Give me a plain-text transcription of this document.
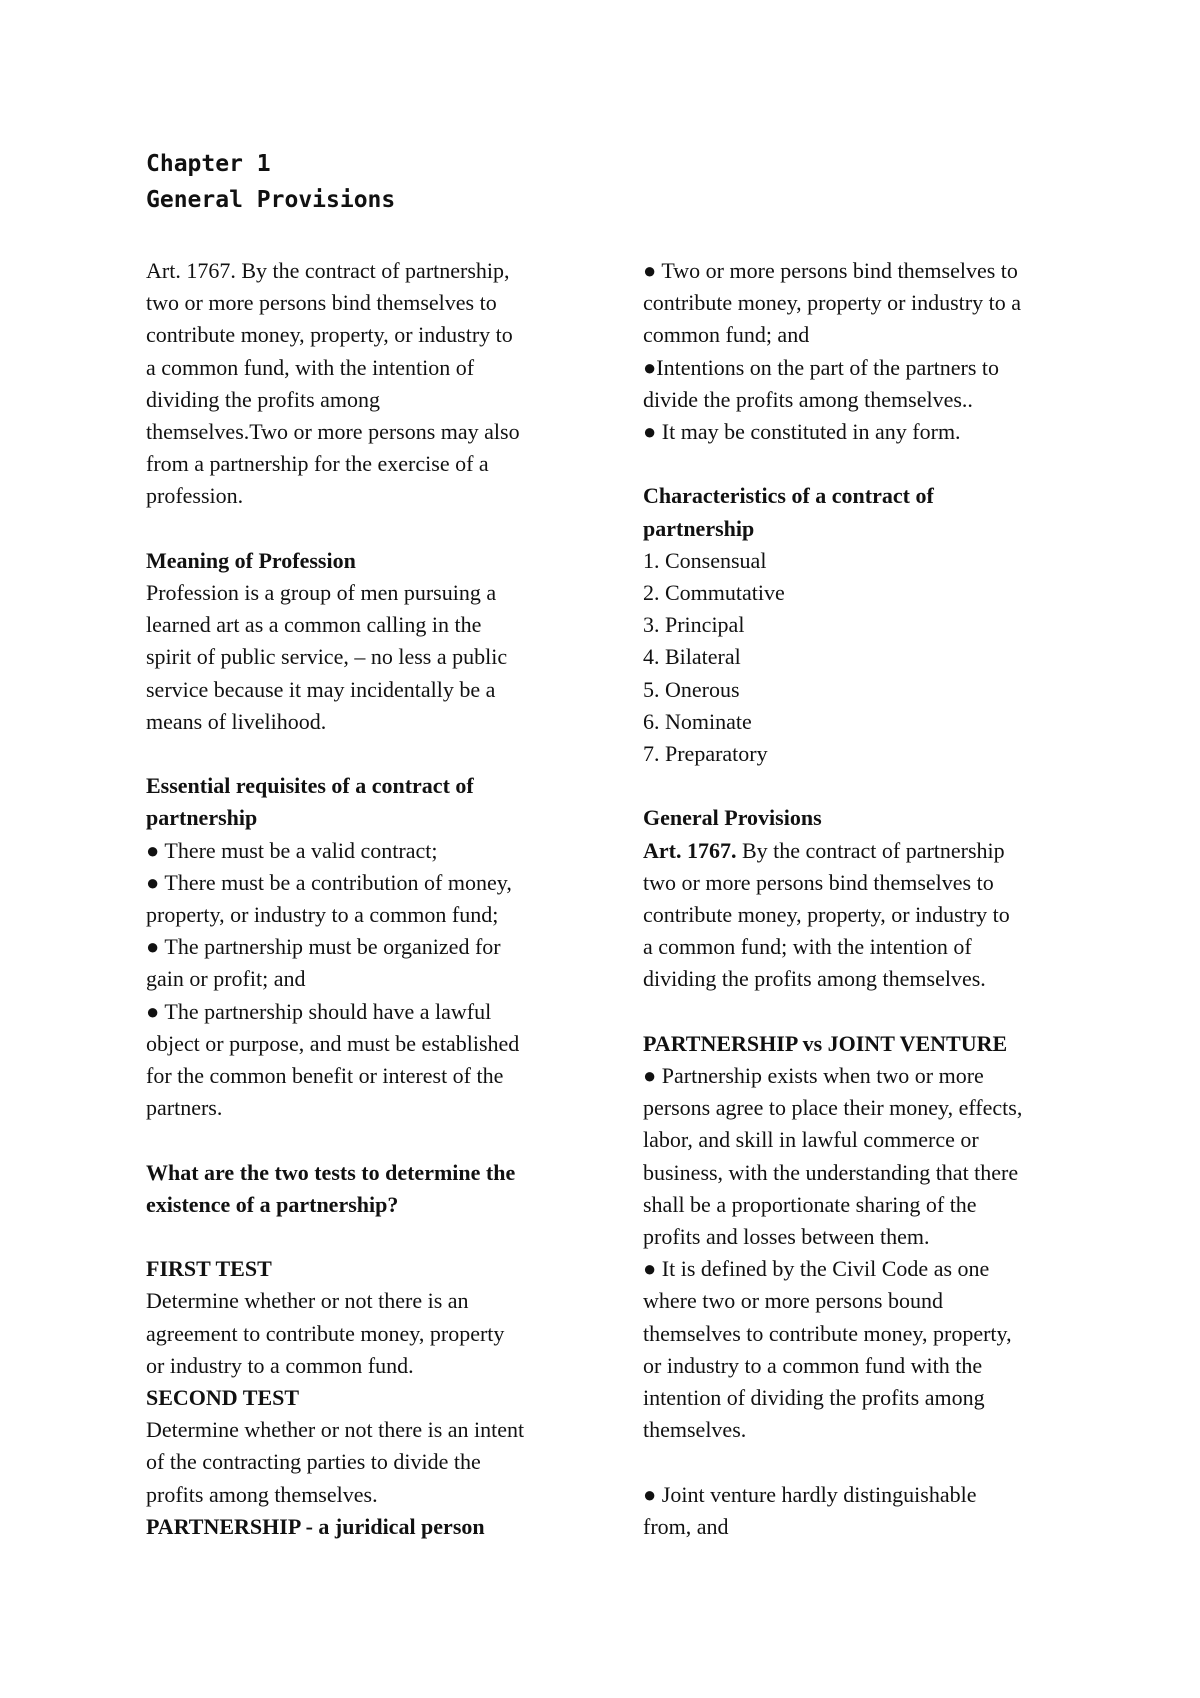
Chapter 1
General Provisions
Art. 1767. By the contract of partnership,
two or more persons bind themselves to
contribute money, property, or industry to
a common fund, with the intention of
dividing the profits among
themselves.Two or more persons may also
from a partnership for the exercise of a
profession.
Meaning of Profession
Profession is a group of men pursuing a
learned art as a common calling in the
spirit of public service, – no less a public
service because it may incidentally be a
means of livelihood.
Essential requisites of a contract of
partnership
● There must be a valid contract;
● There must be a contribution of money,
property, or industry to a common fund;
● The partnership must be organized for
gain or profit; and
● The partnership should have a lawful
object or purpose, and must be established
for the common benefit or interest of the
partners.
What are the two tests to determine the
existence of a partnership?
FIRST TEST
Determine whether or not there is an
agreement to contribute money, property
or industry to a common fund.
SECOND TEST
Determine whether or not there is an intent
of the contracting parties to divide the
profits among themselves.
PARTNERSHIP - a juridical person
● Two or more persons bind themselves to
contribute money, property or industry to a
common fund; and
●Intentions on the part of the partners to
divide the profits among themselves..
● It may be constituted in any form.
Characteristics of a contract of
partnership
1. Consensual
2. Commutative
3. Principal
4. Bilateral
5. Onerous
6. Nominate
7. Preparatory
General Provisions
Art. 1767. By the contract of partnership
two or more persons bind themselves to
contribute money, property, or industry to
a common fund; with the intention of
dividing the profits among themselves.
PARTNERSHIP vs JOINT VENTURE
● Partnership exists when two or more
persons agree to place their money, effects,
labor, and skill in lawful commerce or
business, with the understanding that there
shall be a proportionate sharing of the
profits and losses between them.
● It is defined by the Civil Code as one
where two or more persons bound
themselves to contribute money, property,
or industry to a common fund with the
intention of dividing the profits among
themselves.
● Joint venture hardly distinguishable
from, and
